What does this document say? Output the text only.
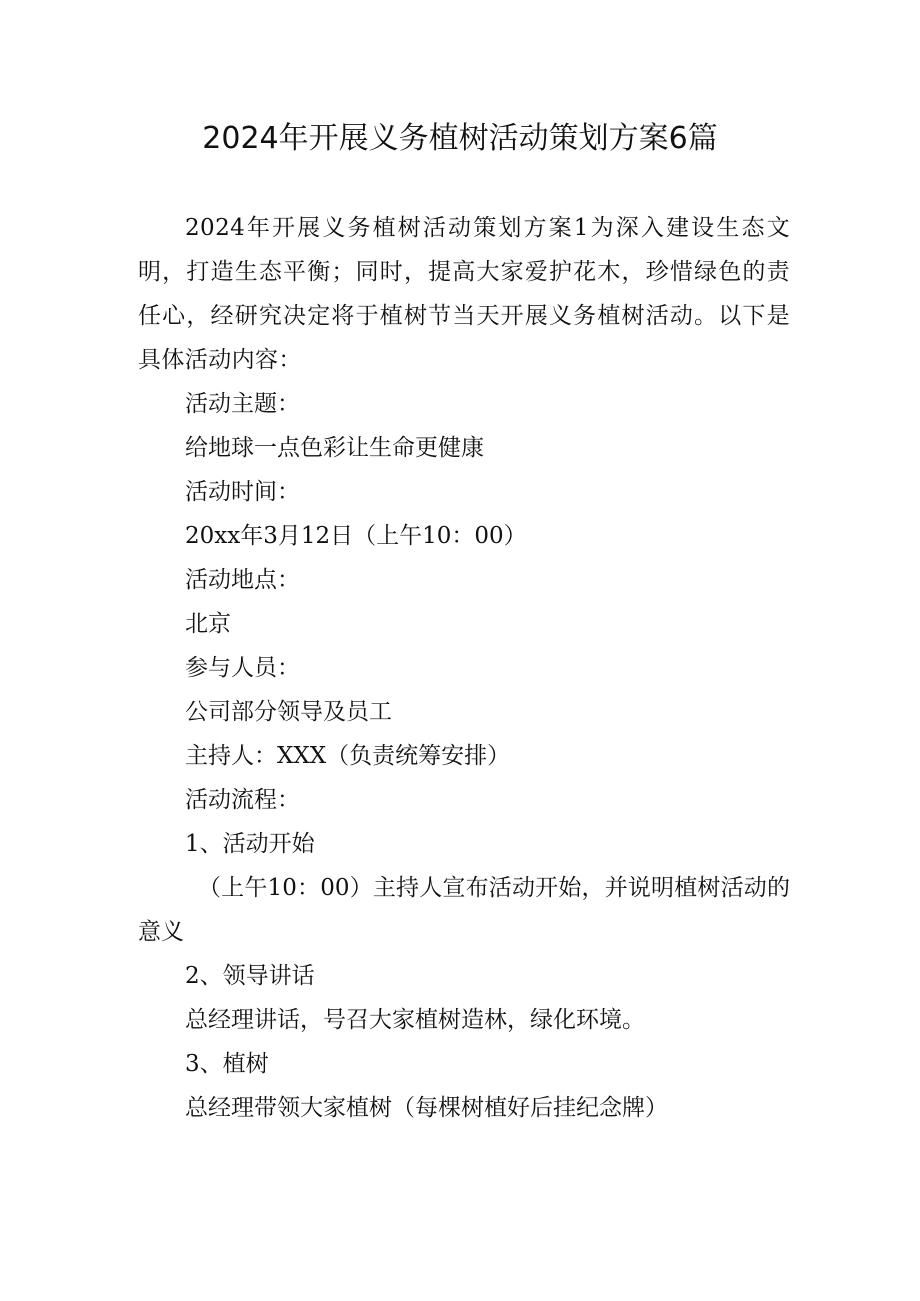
2024年开展义务植树活动策划方案6篇

2024年开展义务植树活动策划方案1为深入建设生态文明，打造生态平衡；同时，提高大家爱护花木，珍惜绿色的责任心，经研究决定将于植树节当天开展义务植树活动。以下是具体活动内容：

活动主题：

给地球一点色彩让生命更健康

活动时间：

20xx年3月12日（上午10：00）

活动地点：

北京

参与人员：

公司部分领导及员工

主持人：XXX（负责统筹安排）

活动流程：

1、活动开始

（上午10：00）主持人宣布活动开始，并说明植树活动的意义

2、领导讲话

总经理讲话，号召大家植树造林，绿化环境。

3、植树

总经理带领大家植树（每棵树植好后挂纪念牌）
